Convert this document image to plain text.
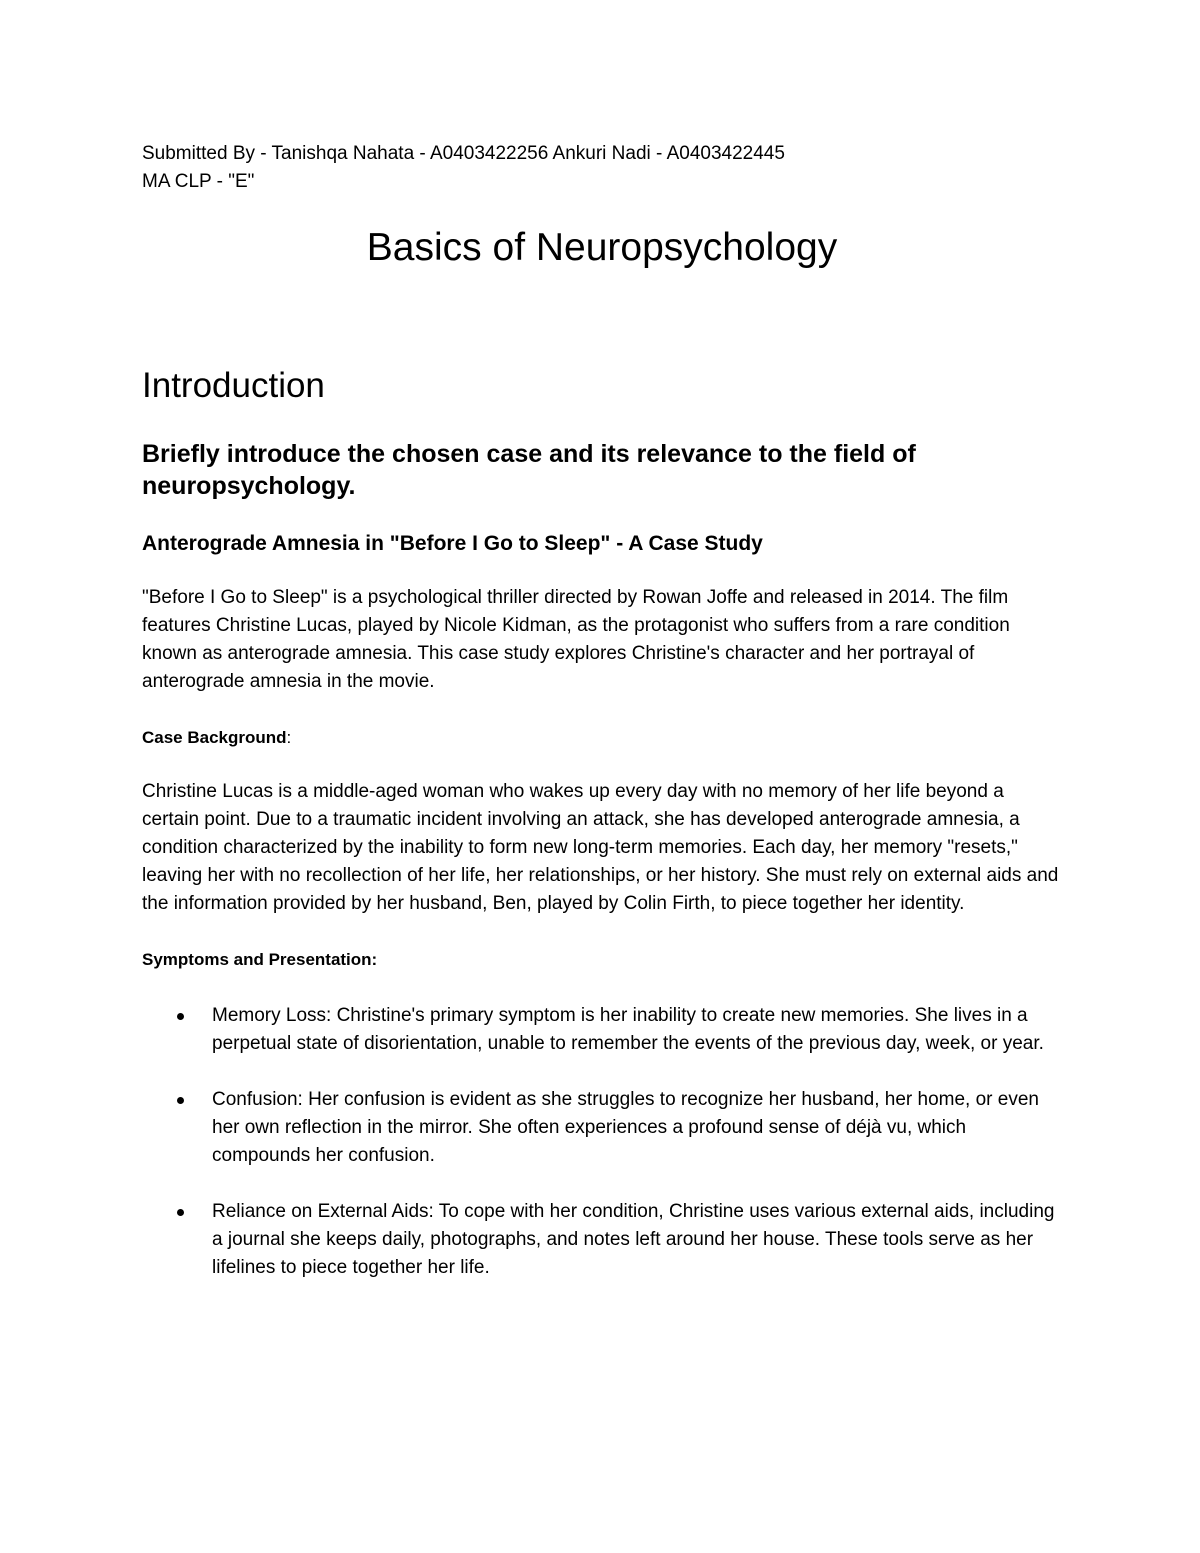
Submitted By - Tanishqa Nahata - A0403422256 Ankuri Nadi - A0403422445
MA CLP - "E"

Basics of Neuropsychology
Introduction

Briefly introduce the chosen case and its relevance to the field of neuropsychology.

Anterograde Amnesia in "Before I Go to Sleep" - A Case Study

"Before I Go to Sleep" is a psychological thriller directed by Rowan Joffe and released in 2014. The film features Christine Lucas, played by Nicole Kidman, as the protagonist who suffers from a rare condition known as anterograde amnesia. This case study explores Christine's character and her portrayal of anterograde amnesia in the movie.

Case Background:

Christine Lucas is a middle-aged woman who wakes up every day with no memory of her life beyond a certain point. Due to a traumatic incident involving an attack, she has developed anterograde amnesia, a condition characterized by the inability to form new long-term memories. Each day, her memory "resets," leaving her with no recollection of her life, her relationships, or her history. She must rely on external aids and the information provided by her husband, Ben, played by Colin Firth, to piece together her identity.

Symptoms and Presentation:

Memory Loss: Christine's primary symptom is her inability to create new memories. She lives in a perpetual state of disorientation, unable to remember the events of the previous day, week, or year.
Confusion: Her confusion is evident as she struggles to recognize her husband, her home, or even her own reflection in the mirror. She often experiences a profound sense of déjà vu, which compounds her confusion.
Reliance on External Aids: To cope with her condition, Christine uses various external aids, including a journal she keeps daily, photographs, and notes left around her house. These tools serve as her lifelines to piece together her life.
